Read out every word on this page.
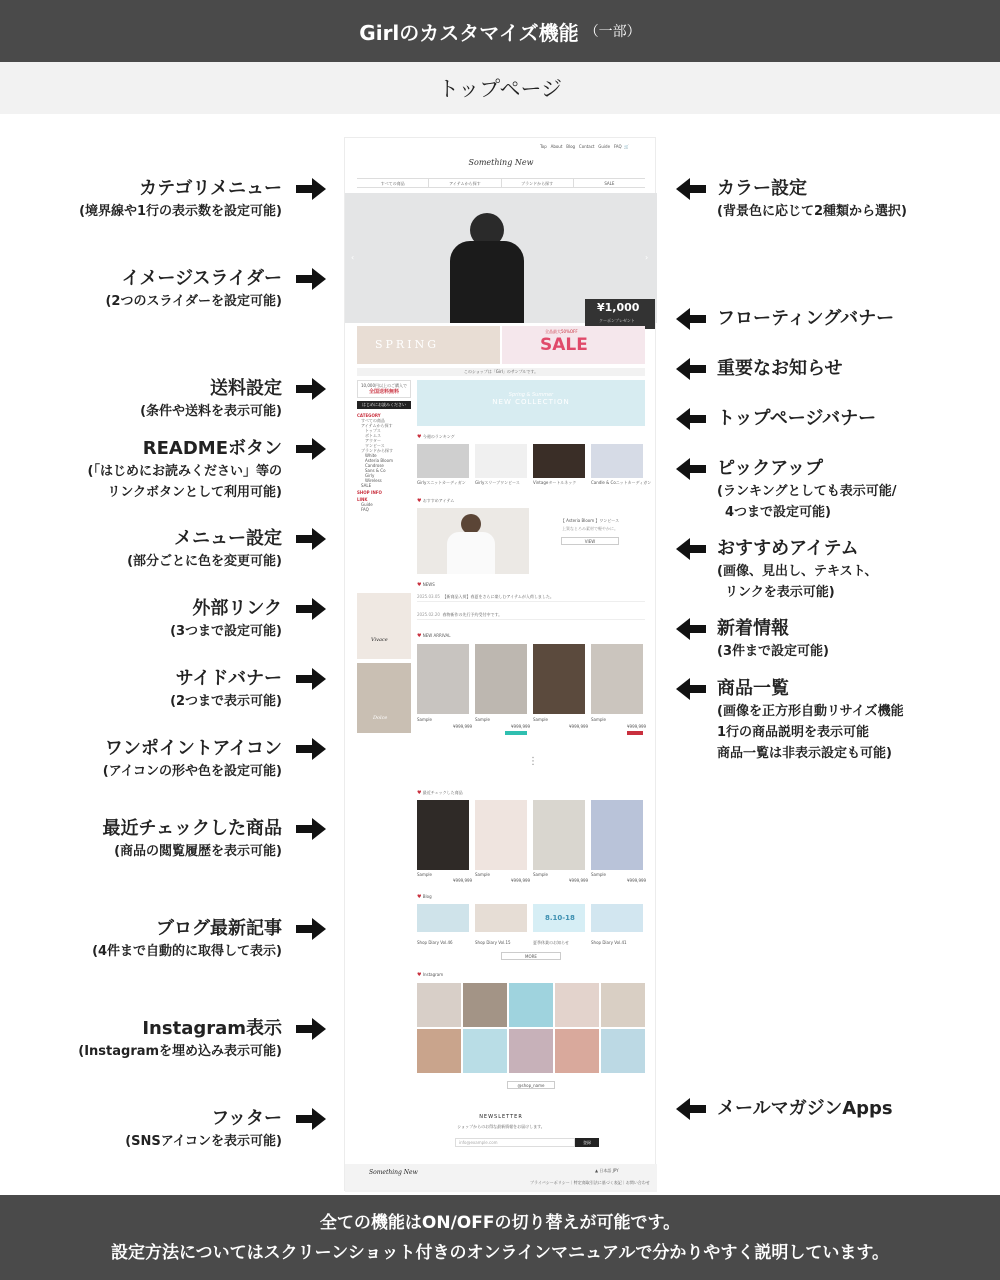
Girlのカスタマイズ機能 （一部）
トップページ
カテゴリメニュー
(境界線や1行の表示数を設定可能)
イメージスライダー
(2つのスライダーを設定可能)
送料設定
(条件や送料を表示可能)
READMEボタン
(「はじめにお読みください」等の
リンクボタンとして利用可能)
メニュー設定
(部分ごとに色を変更可能)
外部リンク
(3つまで設定可能)
サイドバナー
(2つまで表示可能)
ワンポイントアイコン
(アイコンの形や色を設定可能)
最近チェックした商品
(商品の閲覧履歴を表示可能)
ブログ最新記事
(4件まで自動的に取得して表示)
Instagram表示
(Instagramを埋め込み表示可能)
フッター
(SNSアイコンを表示可能)
カラー設定
(背景色に応じて2種類から選択)
フローティングバナー
重要なお知らせ
トップページバナー
ピックアップ
(ランキングとしても表示可能/
4つまで設定可能)
おすすめアイテム
(画像、見出し、テキスト、
リンクを表示可能)
新着情報
(3件まで設定可能)
商品一覧
(画像を正方形自動リサイズ機能
1行の商品説明を表示可能
商品一覧は非表示設定も可能)
メールマガジンApps
Top About Blog Contact Guide FAQ 🛒
Something New
すべての商品	アイテムから探す	ブランドから探す	SALE
‹	›
¥1,000
クーポンプレゼント
SPRING
全品最大50%OFF
SALE
このショップは「Girl」のサンプルです。
10,000円以上のご購入で
全国送料無料
はじめにお読みください
CATEGORY
すべての商品
アイテムから探す
トップス
ボトムス
アウター
ワンピース
ブランドから探す
White
Asteria Bloom
Candrose
Sans & Co
Girly
Wireless
SALE
SHOP INFO
LINK
Guide
FAQ
Vivace
Dolce
Spring & Summer
NEW COLLECTION
♥ 今週のランキング
Girlyスニットカーディガン	Girlyスリーブワンピース	Vintageタートルネック	Candle & Coニットカーディガン
♥ おすすめアイテム
【 Asteria Bloom 】ワンピース
上質なとろみ素材で軽やかに。
VIEW
♥ NEWS
2025.03.05 【新商品入荷】春夏をさらに楽しむアイテムが入荷しました。
2025.02.20 春物新作の先行予約受付中です。
♥ NEW ARRIVAL
Sample	Sample	Sample	Sample
¥999,999	¥999,999	¥999,999	¥999,999
⋮
♥ 最近チェックした商品
Sample	Sample	Sample	Sample
¥999,999	¥999,999	¥999,999	¥999,999
♥ Blog
8.10-18
Shop Diary Vol.46	Shop Diary Vol.15	夏季休業のお知らせ	Shop Diary Vol.41
MORE
♥ Instagram
@shop_name
NEWSLETTER
ショップからのお得な最新情報をお届けします。
info@example.com	登録
Something New	▲ 日本語 JPY
プライバシーポリシー｜特定商取引法に基づく表記｜お問い合わせ
全ての機能はON/OFFの切り替えが可能です。
設定方法についてはスクリーンショット付きのオンラインマニュアルで分かりやすく説明しています。
